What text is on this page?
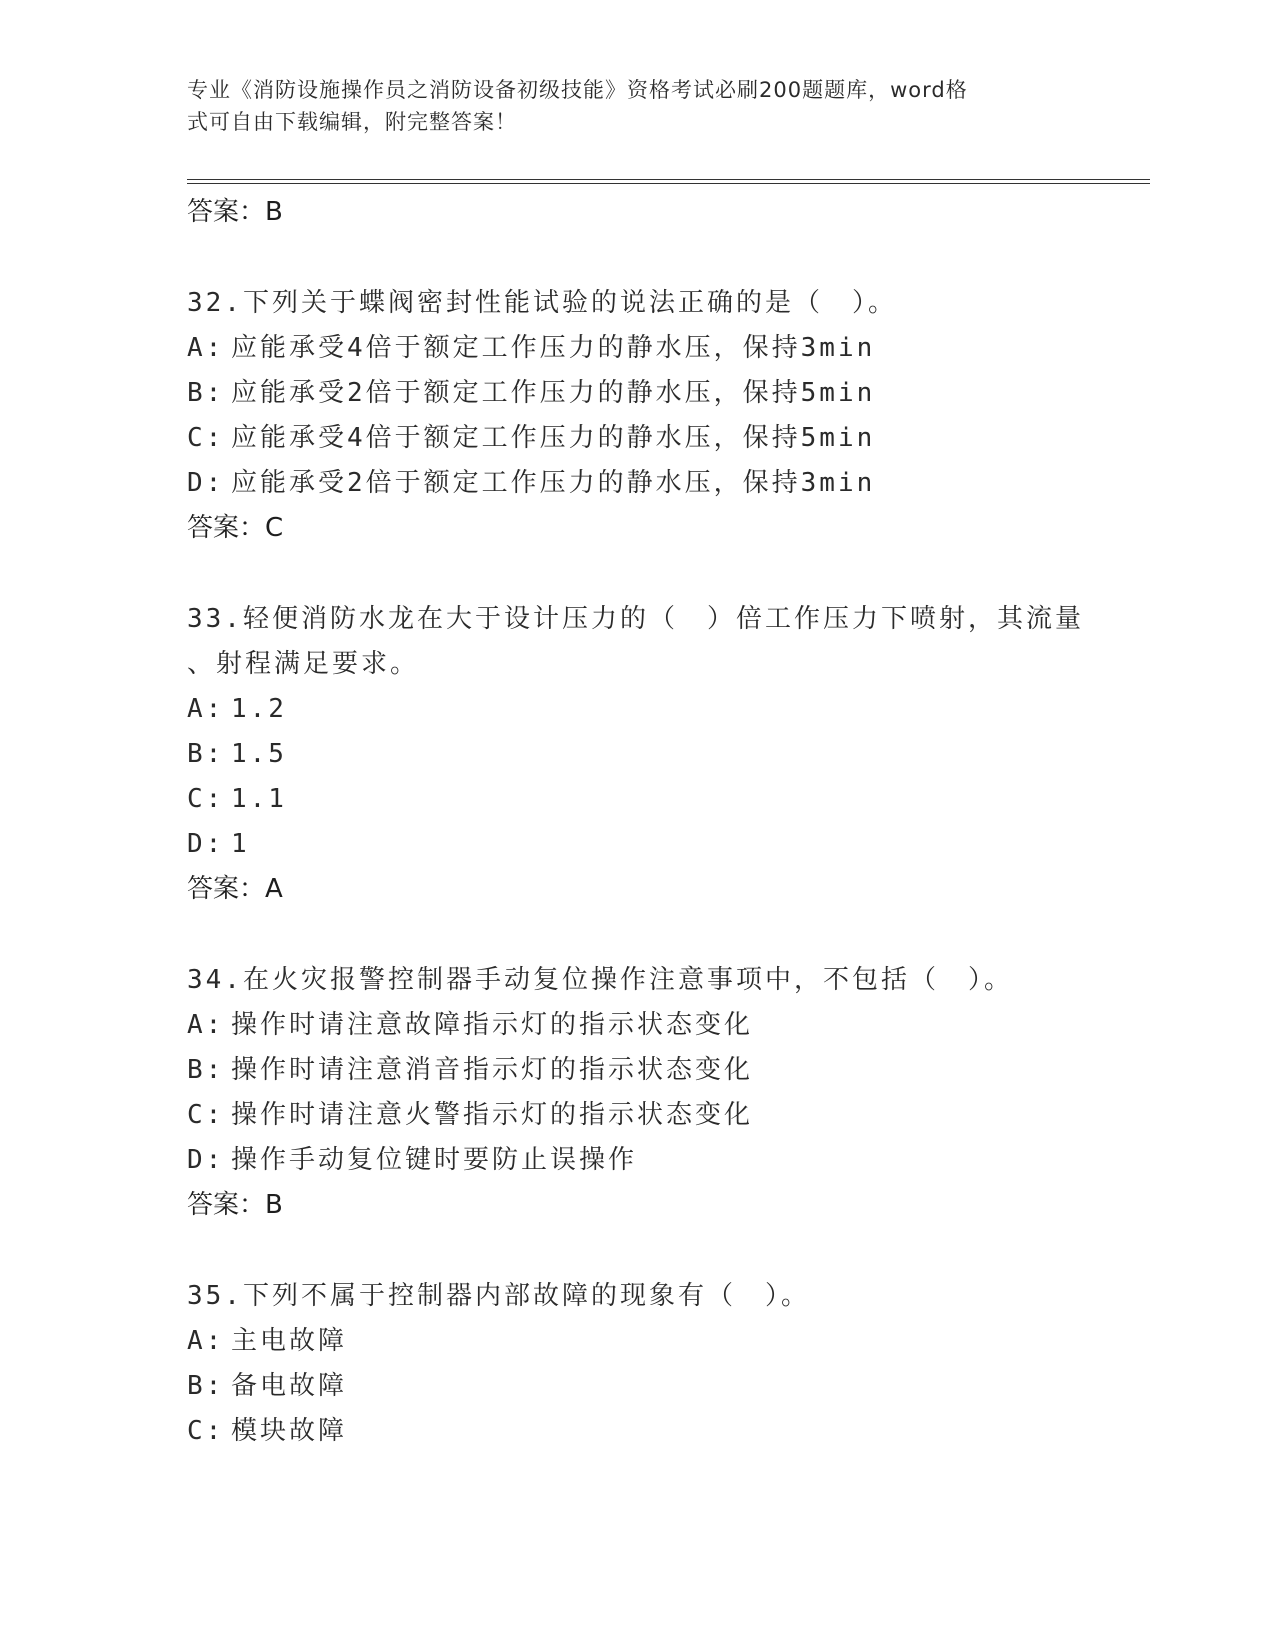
专业《消防设施操作员之消防设备初级技能》资格考试必刷200题题库，word格
式可自由下载编辑，附完整答案！
答案：B
32.下列关于蝶阀密封性能试验的说法正确的是（　）。
A: 应能承受4倍于额定工作压力的静水压，保持3min
B: 应能承受2倍于额定工作压力的静水压，保持5min
C: 应能承受4倍于额定工作压力的静水压，保持5min
D: 应能承受2倍于额定工作压力的静水压，保持3min
答案：C
33.轻便消防水龙在大于设计压力的（　）倍工作压力下喷射，其流量
、射程满足要求。
A: 1.2
B: 1.5
C: 1.1
D: 1
答案：A
34.在火灾报警控制器手动复位操作注意事项中，不包括（　）。
A: 操作时请注意故障指示灯的指示状态变化
B: 操作时请注意消音指示灯的指示状态变化
C: 操作时请注意火警指示灯的指示状态变化
D: 操作手动复位键时要防止误操作
答案：B
35.下列不属于控制器内部故障的现象有（　）。
A: 主电故障
B: 备电故障
C: 模块故障
